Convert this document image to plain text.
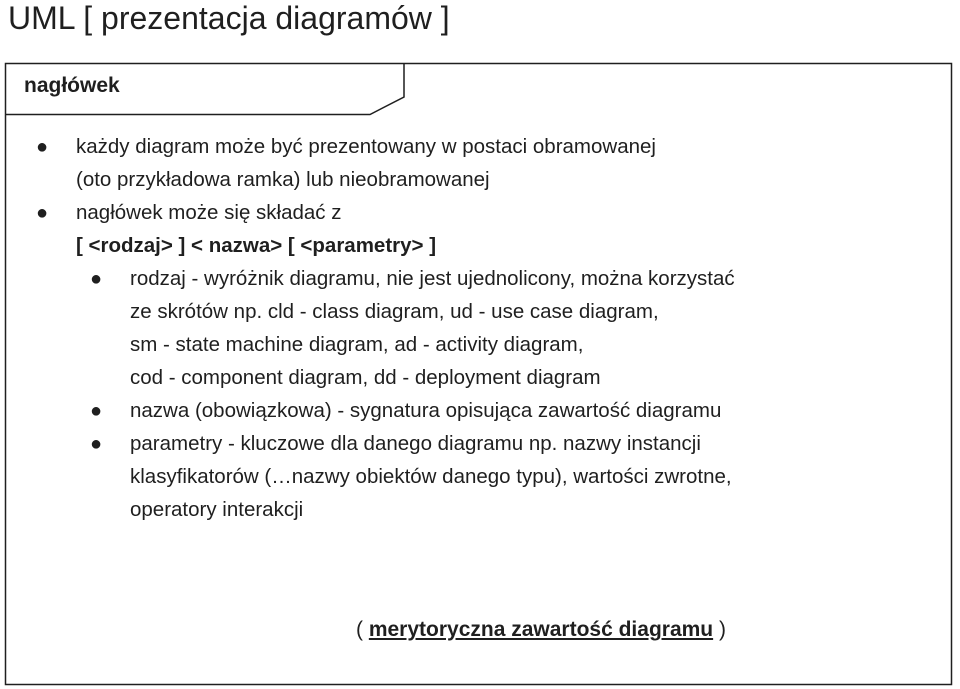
UML [ prezentacja diagramów ]
nagłówek
● każdy diagram może być prezentowany w postaci obramowanej
(oto przykładowa ramka) lub nieobramowanej
● nagłówek może się składać z
[ <rodzaj> ] < nazwa> [ <parametry> ]
● rodzaj - wyróżnik diagramu, nie jest ujednolicony, można korzystać
ze skrótów np. cld - class diagram, ud - use case diagram,
sm - state machine diagram, ad - activity diagram,
cod - component diagram, dd - deployment diagram
● nazwa (obowiązkowa) - sygnatura opisująca zawartość diagramu
● parametry - kluczowe dla danego diagramu np. nazwy instancji
klasyfikatorów (…nazwy obiektów danego typu), wartości zwrotne,
operatory interakcji
( merytoryczna zawartość diagramu )
